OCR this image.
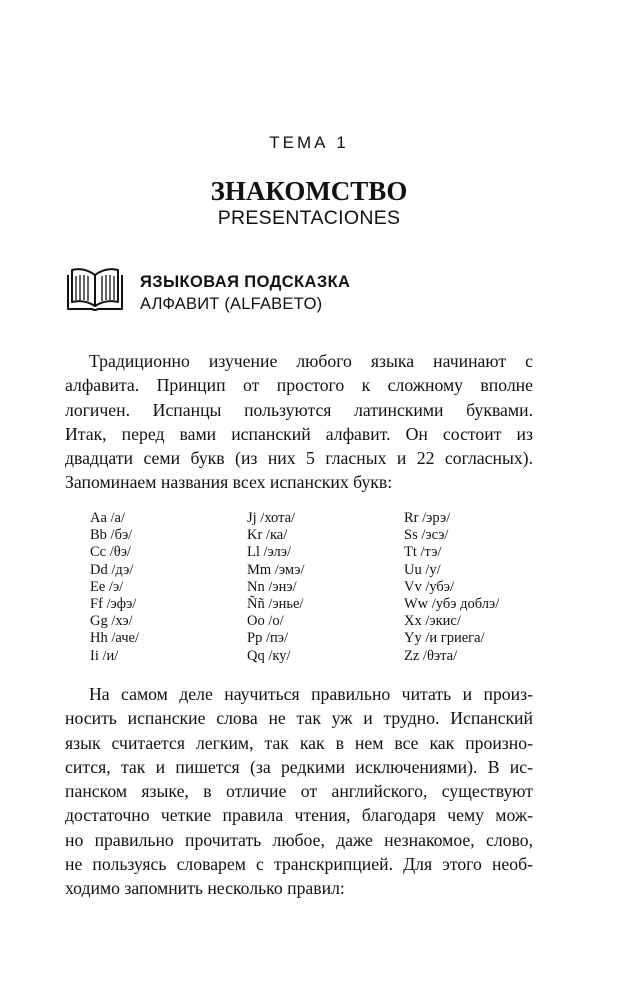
ТЕМА 1
ЗНАКОМСТВО
PRESENTACIONES
ЯЗЫКОВАЯ ПОДСКАЗКА
АЛФАВИТ (ALFABETO)
Традиционно изучение любого языка начинают с
алфавита. Принцип от простого к сложному вполне
логичен. Испанцы пользуются латинскими буквами.
Итак, перед вами испанский алфавит. Он состоит из
двадцати семи букв (из них 5 гласных и 22 согласных).
Запоминаем названия всех испанских букв:
Aa /а/
Bb /бэ/
Cc /θэ/
Dd /дэ/
Ee /э/
Ff /эфэ/
Gg /хэ/
Hh /аче/
Ii /и/
Jj /хота/
Kr /ка/
Ll /элэ/
Mm /эмэ/
Nn /энэ/
Ññ /энье/
Oo /о/
Pp /пэ/
Qq /ку/
Rr /эрэ/
Ss /эсэ/
Tt /тэ/
Uu /у/
Vv /убэ/
Ww /убэ доблэ/
Xx /экис/
Yy /и гриега/
Zz /θэта/
На самом деле научиться правильно читать и произ-
носить испанские слова не так уж и трудно. Испанский
язык считается легким, так как в нем все как произно-
сится, так и пишется (за редкими исключениями). В ис-
панском языке, в отличие от английского, существуют
достаточно четкие правила чтения, благодаря чему мож-
но правильно прочитать любое, даже незнакомое, слово,
не пользуясь словарем с транскрипцией. Для этого необ-
ходимо запомнить несколько правил:
